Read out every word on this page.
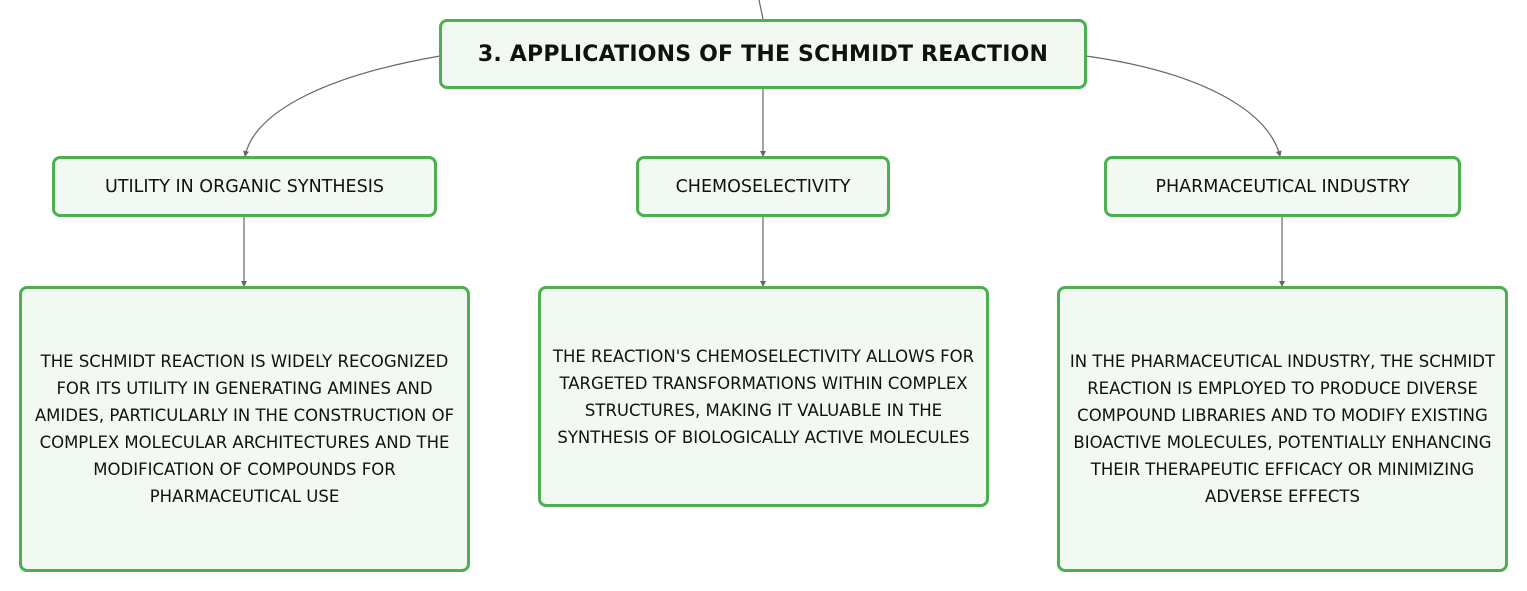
3. APPLICATIONS OF THE SCHMIDT REACTION
UTILITY IN ORGANIC SYNTHESIS	CHEMOSELECTIVITY	PHARMACEUTICAL INDUSTRY
THE SCHMIDT REACTION IS WIDELY RECOGNIZED FOR ITS UTILITY IN GENERATING AMINES AND AMIDES, PARTICULARLY IN THE CONSTRUCTION OF COMPLEX MOLECULAR ARCHITECTURES AND THE MODIFICATION OF COMPOUNDS FOR PHARMACEUTICAL USE
THE REACTION'S CHEMOSELECTIVITY ALLOWS FOR TARGETED TRANSFORMATIONS WITHIN COMPLEX STRUCTURES, MAKING IT VALUABLE IN THE SYNTHESIS OF BIOLOGICALLY ACTIVE MOLECULES
IN THE PHARMACEUTICAL INDUSTRY, THE SCHMIDT REACTION IS EMPLOYED TO PRODUCE DIVERSE COMPOUND LIBRARIES AND TO MODIFY EXISTING BIOACTIVE MOLECULES, POTENTIALLY ENHANCING THEIR THERAPEUTIC EFFICACY OR MINIMIZING ADVERSE EFFECTS
